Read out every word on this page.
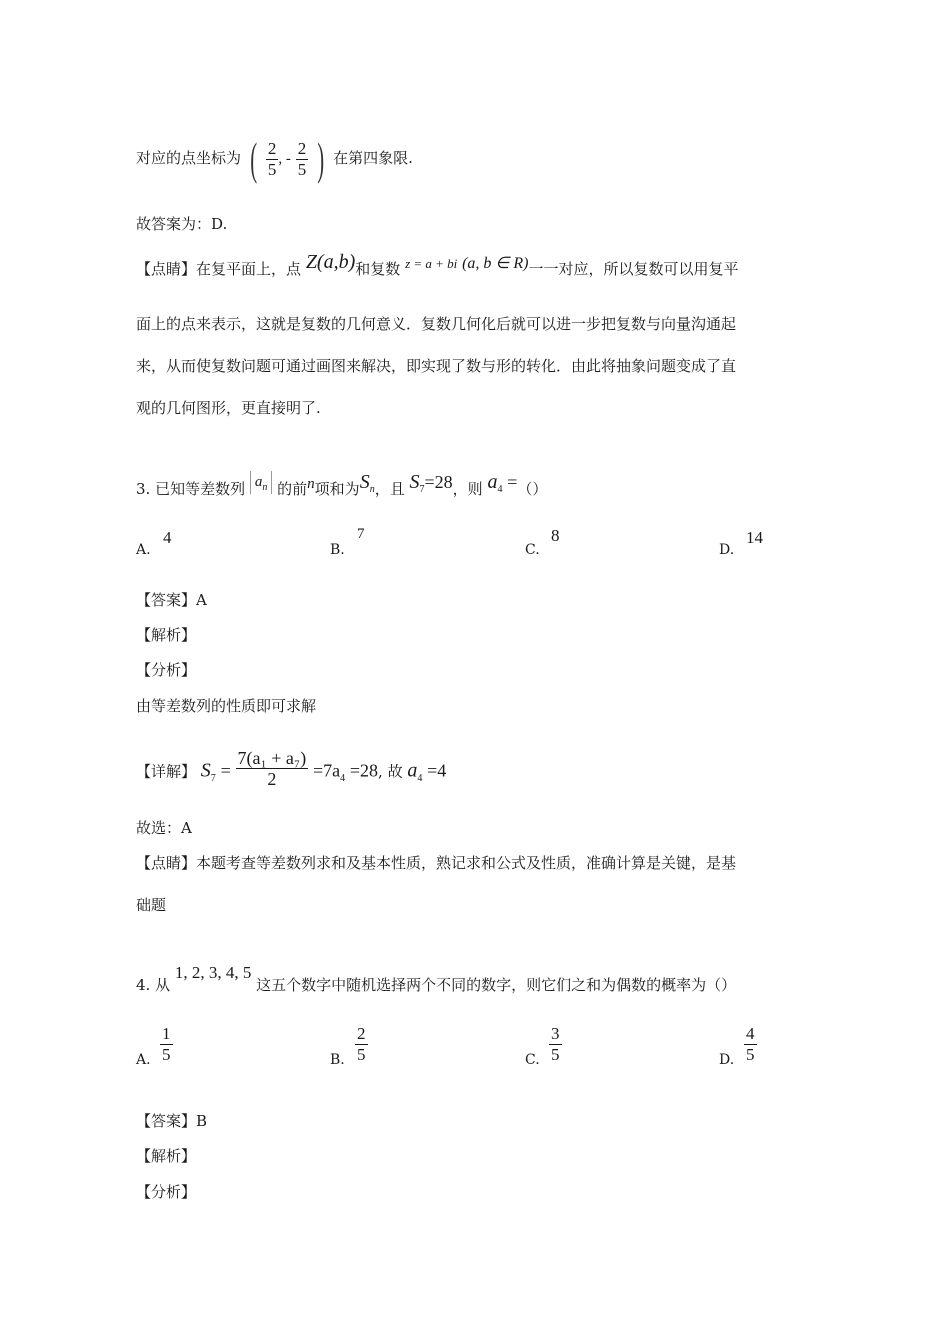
对应的点坐标为 ( $\frac{2}{5}$ , - $\frac{2}{5}$ ) 在第四象限.
故答案为：D.
【点睛】在复平面上，点 Z(a,b)和复数 z = a + bi (a, b ∈ R)一一对应，所以复数可以用复平
面上的点来表示，这就是复数的几何意义．复数几何化后就可以进一步把复数与向量沟通起
来，从而使复数问题可通过画图来解决，即实现了数与形的转化．由此将抽象问题变成了直
观的几何图形，更直接明了.
3. 已知等差数列 $a_n$ 的前n项和为Sn，且 S7=28，则 a4 =（）
A.
4
B.
7
C.
8
D.
14
【答案】A
【解析】
【分析】
由等差数列的性质即可求解
【详解】 $S_7 = \frac{\text{7(a₁ + a₇)}}{2} =7a_4 =28$, 故 $a_4 =4$
故选：A
【点睛】本题考查等差数列求和及基本性质，熟记求和公式及性质，准确计算是关键，是基
础题
4. 从 1, 2, 3, 4, 5 这五个数字中随机选择两个不同的数字，则它们之和为偶数的概率为（）
A. $\frac{1}{5}$	B. $\frac{2}{5}$	C. $\frac{3}{5}$	D. $\frac{4}{5}$
【答案】B
【解析】
【分析】
